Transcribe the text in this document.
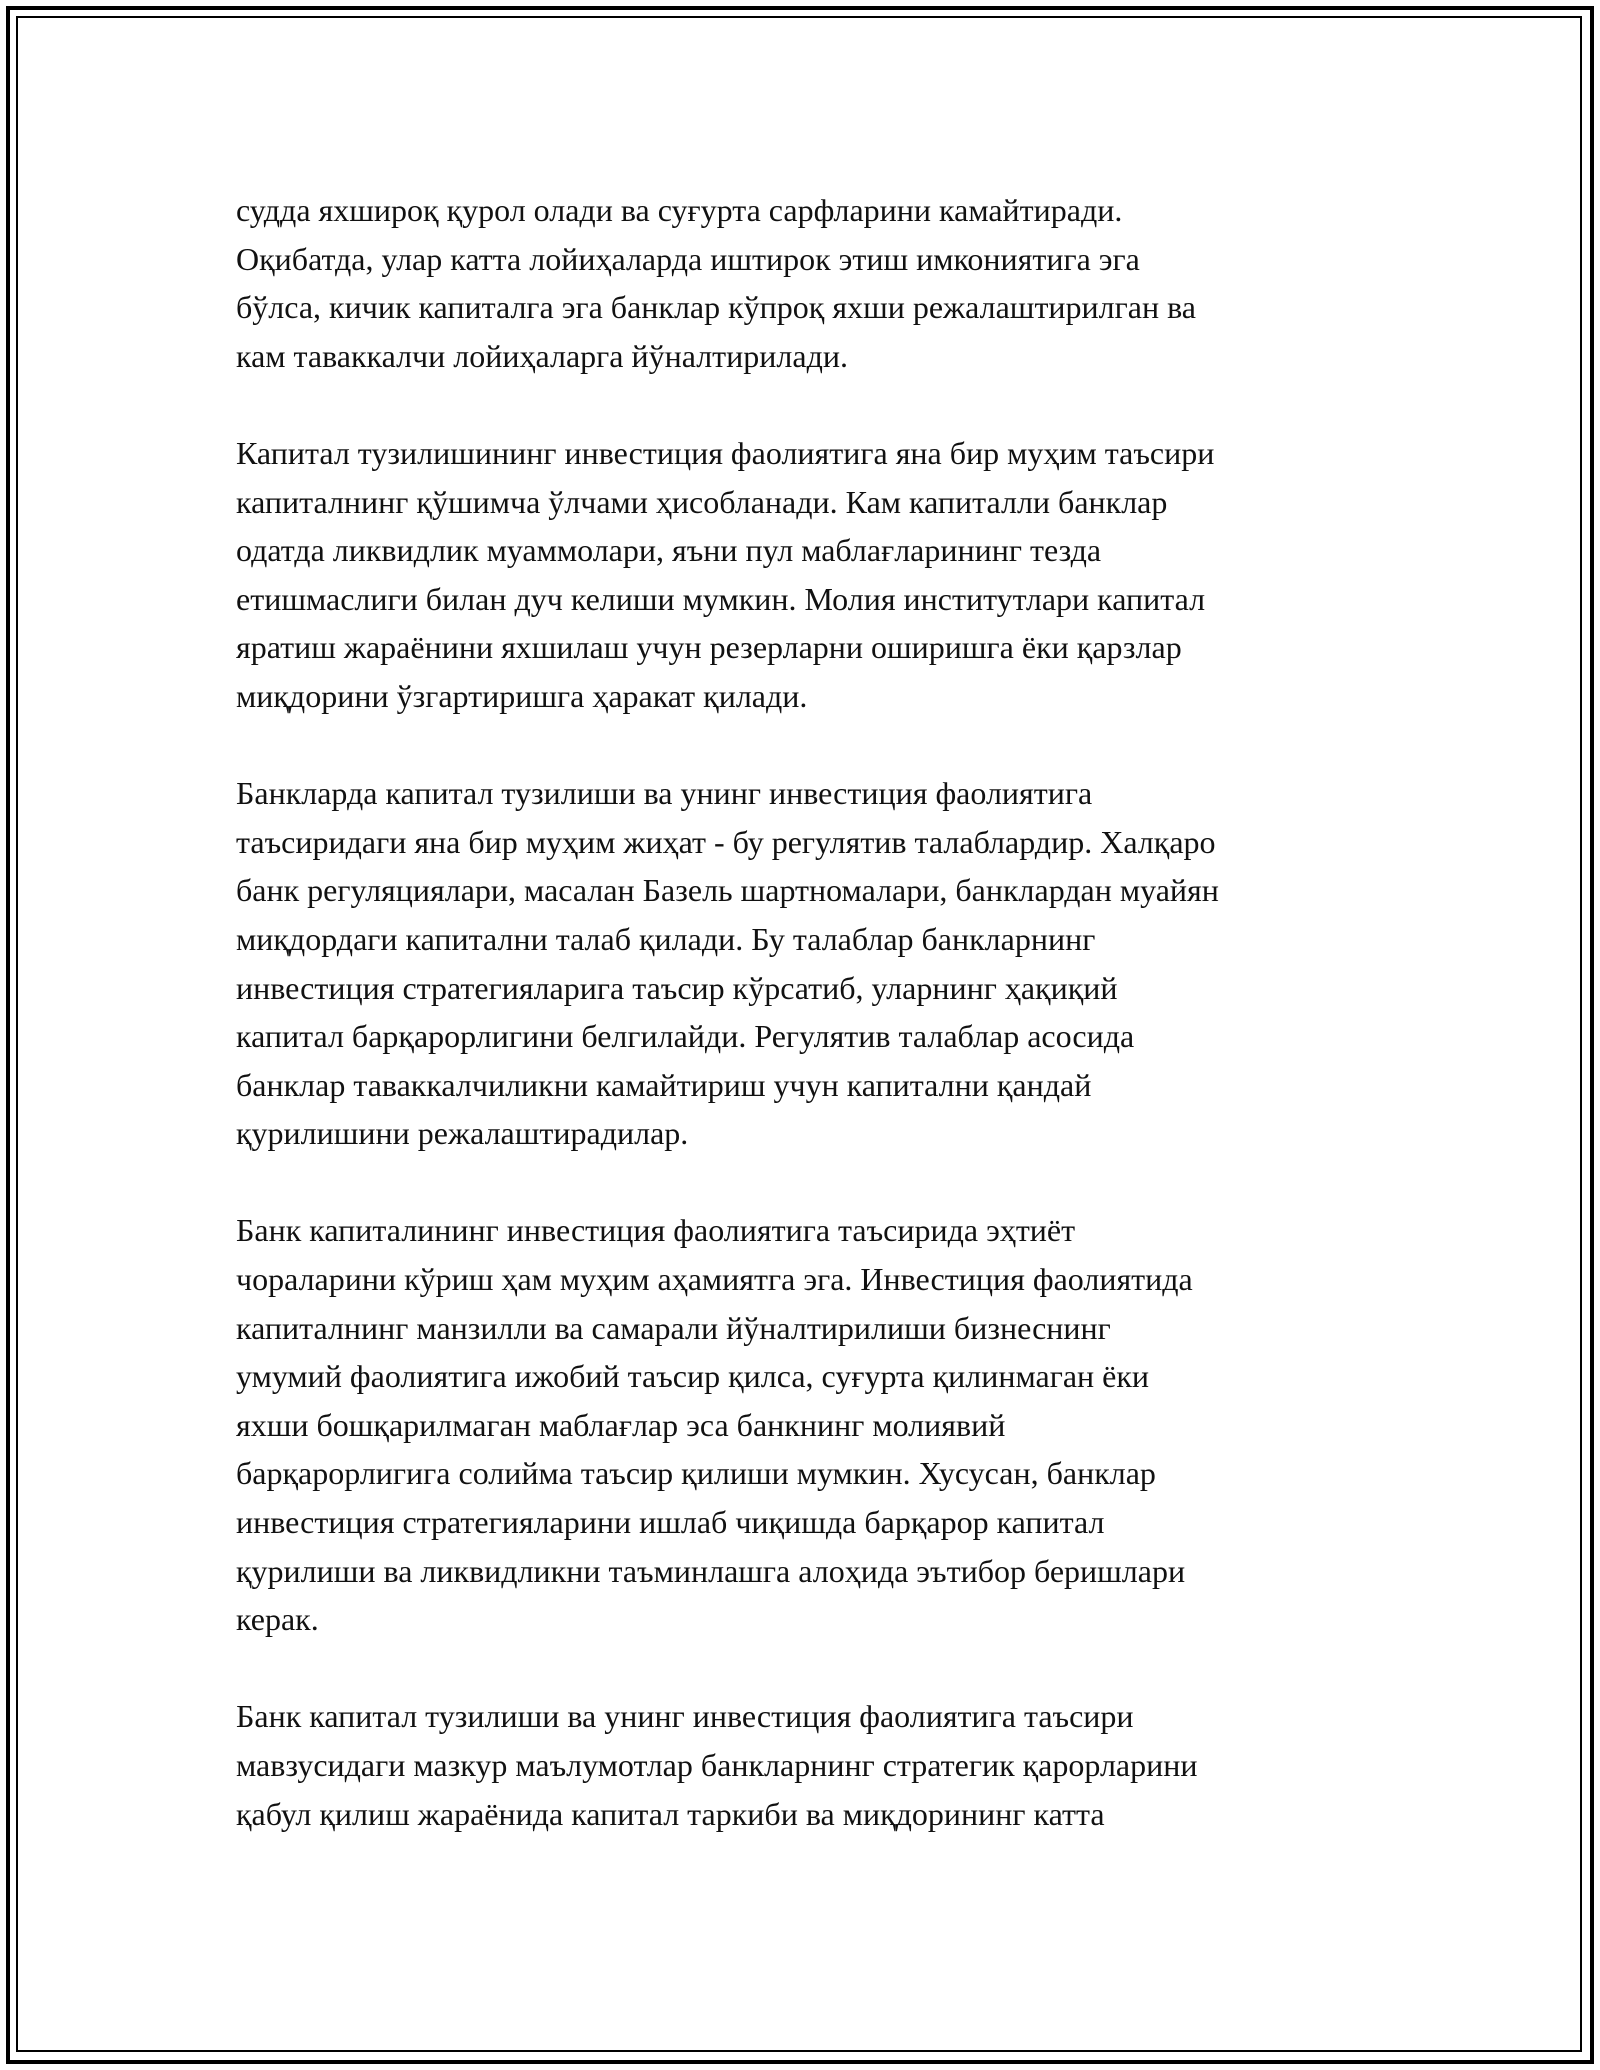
судда яхшироқ қурол олади ва суғурта сарфларини камайтиради.
Оқибатда, улар катта лойиҳаларда иштирок этиш имкониятига эга
бўлса, кичик капиталга эга банклар кўпроқ яхши режалаштирилган ва
кам таваккалчи лойиҳаларга йўналтирилади.

Капитал тузилишининг инвестиция фаолиятига яна бир муҳим таъсири
капиталнинг қўшимча ўлчами ҳисобланади. Кам капиталли банклар
одатда ликвидлик муаммолари, яъни пул маблағларининг тезда
етишмаслиги билан дуч келиши мумкин. Молия институтлари капитал
яратиш жараёнини яхшилаш учун резерларни оширишга ёки қарзлар
миқдорини ўзгартиришга ҳаракат қилади.

Банкларда капитал тузилиши ва унинг инвестиция фаолиятига
таъсиридаги яна бир муҳим жиҳат - бу регулятив талаблардир. Халқаро
банк регуляциялари, масалан Базель шартномалари, банклардан муайян
миқдордаги капитални талаб қилади. Бу талаблар банкларнинг
инвестиция стратегияларига таъсир кўрсатиб, уларнинг ҳақиқий
капитал барқарорлигини белгилайди. Регулятив талаблар асосида
банклар таваккалчиликни камайтириш учун капитални қандай
қурилишини режалаштирадилар.

Банк капиталининг инвестиция фаолиятига таъсирида эҳтиёт
чораларини кўриш ҳам муҳим аҳамиятга эга. Инвестиция фаолиятида
капиталнинг манзилли ва самарали йўналтирилиши бизнеснинг
умумий фаолиятига ижобий таъсир қилса, суғурта қилинмаган ёки
яхши бошқарилмаган маблағлар эса банкнинг молиявий
барқарорлигига солийма таъсир қилиши мумкин. Хусусан, банклар
инвестиция стратегияларини ишлаб чиқишда барқарор капитал
қурилиши ва ликвидликни таъминлашга алоҳида эътибор беришлари
керак.

Банк капитал тузилиши ва унинг инвестиция фаолиятига таъсири
мавзусидаги мазкур маълумотлар банкларнинг стратегик қарорларини
қабул қилиш жараёнида капитал таркиби ва миқдорининг катта
